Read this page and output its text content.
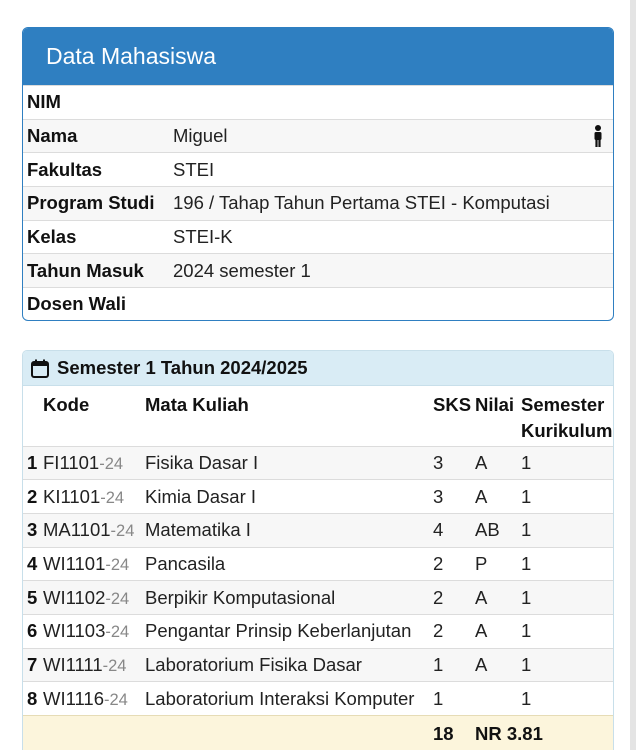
Data Mahasiswa
NIM
Nama	Miguel
Fakultas	STEI
Program Studi	196 / Tahap Tahun Pertama STEI - Komputasi
Kelas	STEI-K
Tahun Masuk	2024 semester 1
Dosen Wali
Semester 1 Tahun 2024/2025
	Kode	Mata Kuliah	SKS	Nilai	Semester
Kurikulum
1	FI1101-24	Fisika Dasar I	3	A	1
2	KI1101-24	Kimia Dasar I	3	A	1
3	MA1101-24	Matematika I	4	AB	1
4	WI1101-24	Pancasila	2	P	1
5	WI1102-24	Berpikir Komputasional	2	A	1
6	WI1103-24	Pengantar Prinsip Keberlanjutan	2	A	1
7	WI1111-24	Laboratorium Fisika Dasar	1	A	1
8	WI1116-24	Laboratorium Interaksi Komputer	1		1
			18	NR 3.81	
